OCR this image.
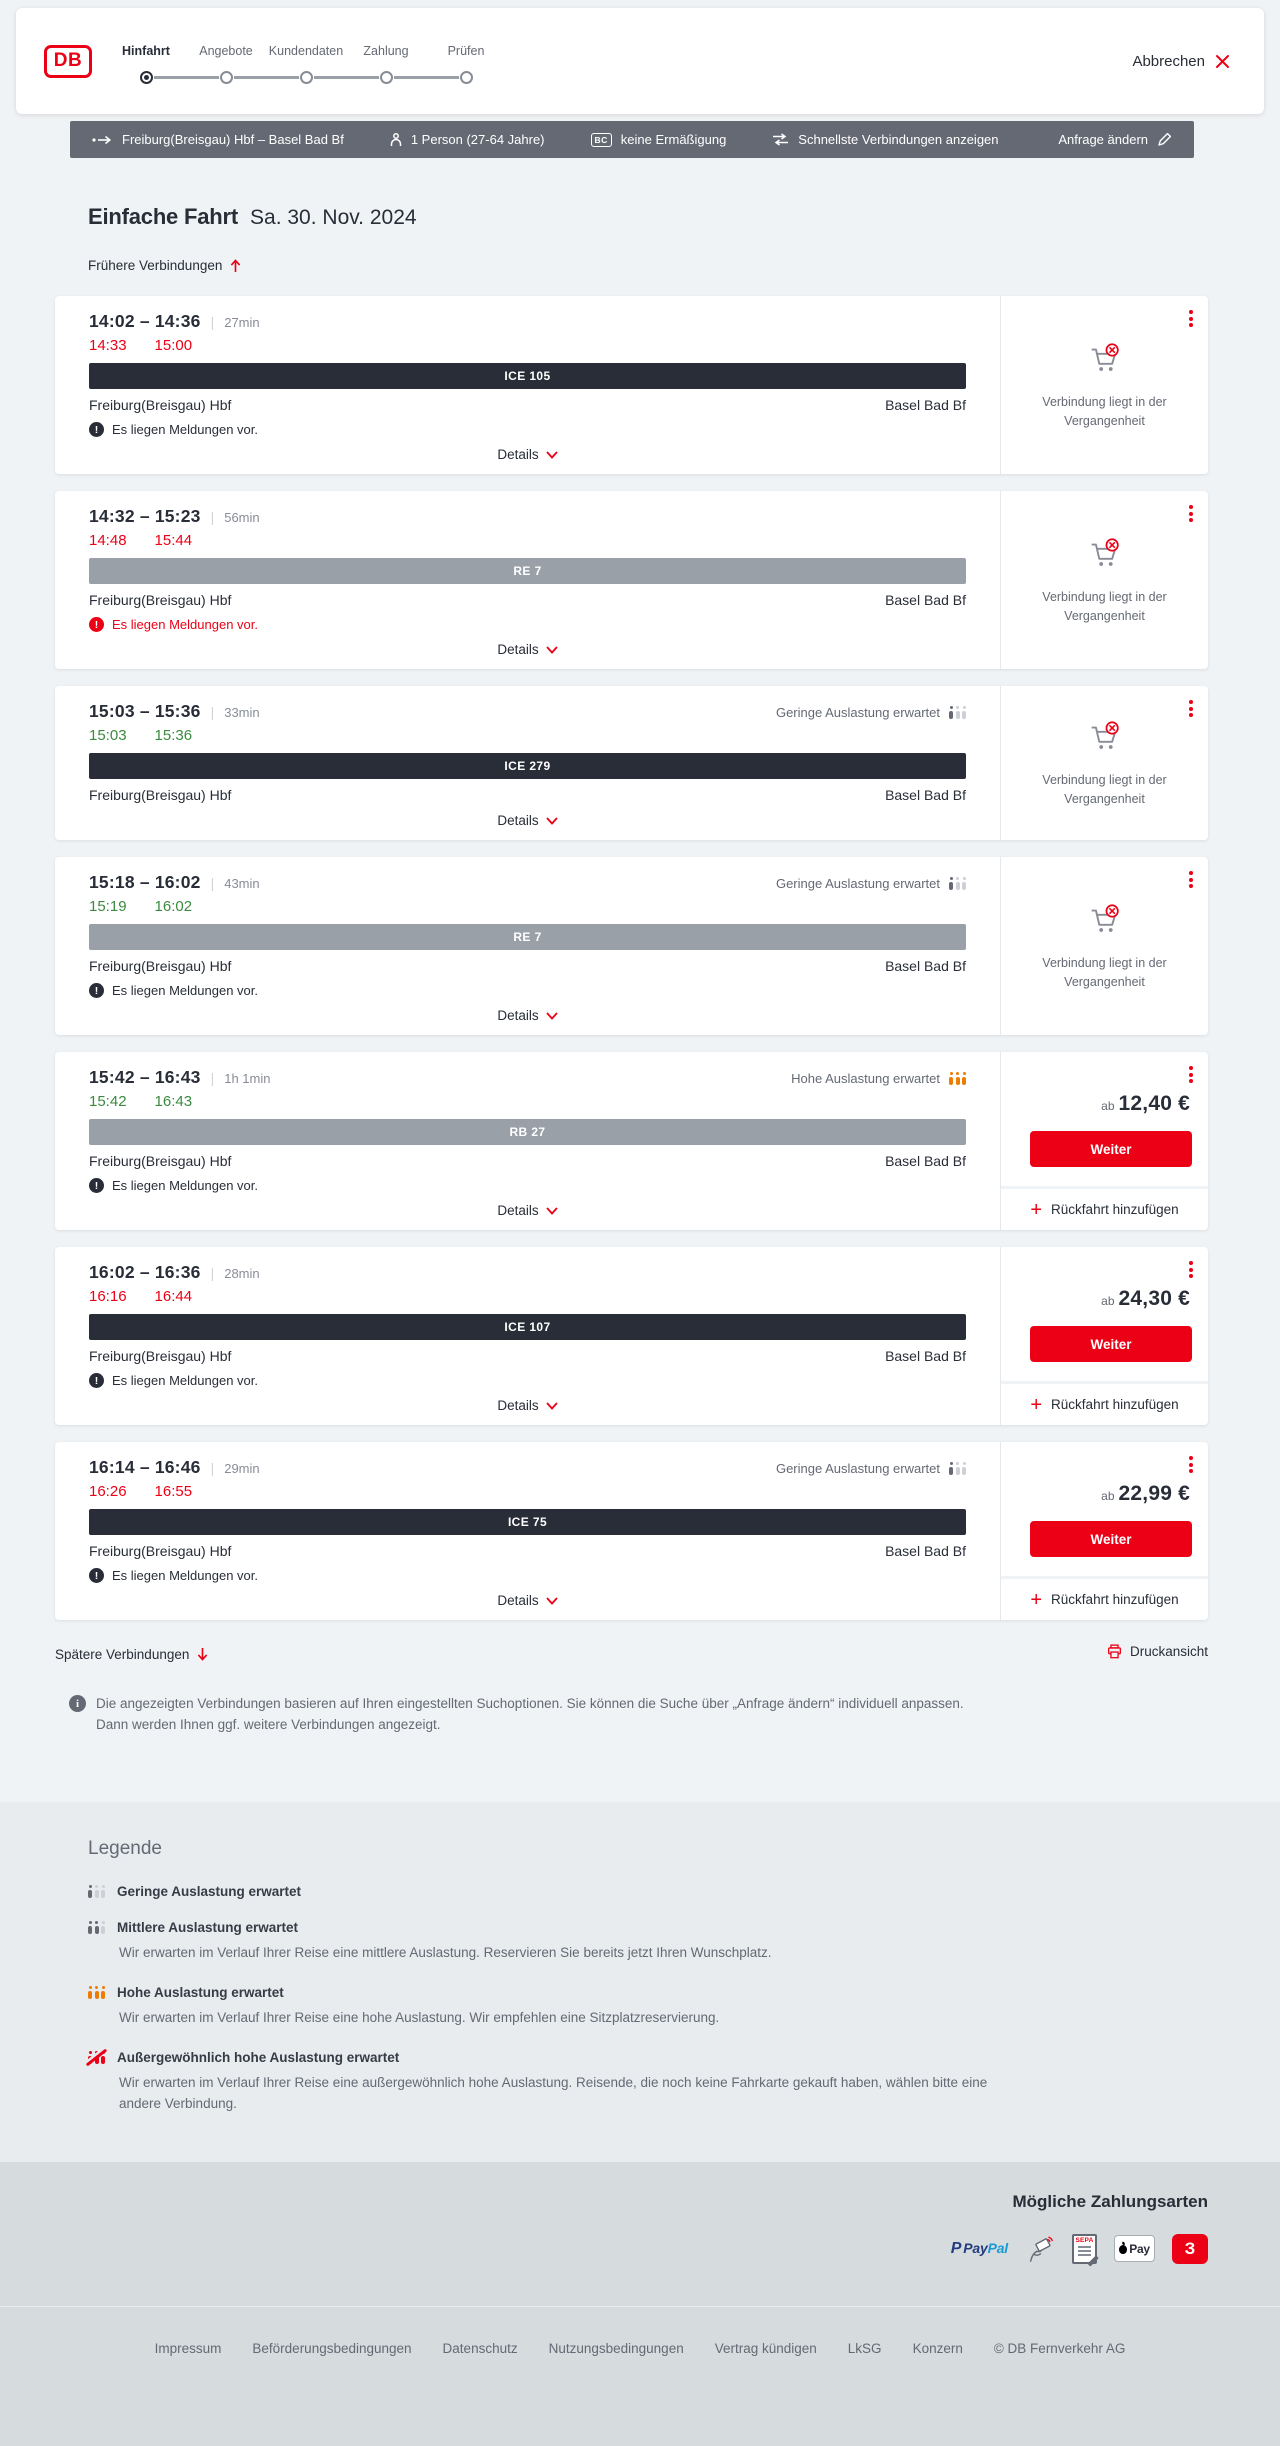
DB	Hinfahrt Angebote Kundendaten Zahlung	Prüfen
Abbrechen
Freiburg(Breisgau) Hbf – Basel Bad Bf	1 Person (27-64 Jahre)	BC	keine Ermäßigung	Schnellste Verbindungen anzeigen	Anfrage ändern
Einfache Fahrt Sa. 30. Nov. 2024
Frühere Verbindungen
14:02 – 14:36 | 27min
14:33 15:00
ICE 105
Freiburg(Breisgau) Hbf	Basel Bad Bf
!	Es liegen Meldungen vor.
Details

Verbindung liegt in der Vergangenheit

14:32 – 15:23 | 56min
14:48 15:44
RE 7
Freiburg(Breisgau) Hbf	Basel Bad Bf
!	Es liegen Meldungen vor.
Details

Verbindung liegt in der Vergangenheit

15:03 – 15:36 | 33min	Geringe Auslastung erwartet
15:03 15:36
ICE 279
Freiburg(Breisgau) Hbf	Basel Bad Bf
Details

Verbindung liegt in der Vergangenheit

15:18 – 16:02 | 43min	Geringe Auslastung erwartet
15:19 16:02
RE 7
Freiburg(Breisgau) Hbf	Basel Bad Bf
!	Es liegen Meldungen vor.
Details

Verbindung liegt in der Vergangenheit

15:42 – 16:43 | 1h 1min	Hohe Auslastung erwartet
15:42 16:43
RB 27
Freiburg(Breisgau) Hbf	Basel Bad Bf
!	Es liegen Meldungen vor.
Details
ab 12,40 €
Weiter
+ Rückfahrt hinzufügen
16:02 – 16:36 | 28min
16:16 16:44
ICE 107
Freiburg(Breisgau) Hbf	Basel Bad Bf
!	Es liegen Meldungen vor.
Details
ab 24,30 €
Weiter
+ Rückfahrt hinzufügen
16:14 – 16:46 | 29min	Geringe Auslastung erwartet
16:26 16:55
ICE 75
Freiburg(Breisgau) Hbf	Basel Bad Bf
!	Es liegen Meldungen vor.
Details
ab 22,99 €
Weiter
+ Rückfahrt hinzufügen
Spätere Verbindungen	Druckansicht
i	Die angezeigten Verbindungen basieren auf Ihren eingestellten Suchoptionen. Sie können die Suche über „Anfrage ändern“ individuell anpassen. Dann werden Ihnen ggf. weitere Verbindungen angezeigt.

Legende
Geringe Auslastung erwartet
Mittlere Auslastung erwartet

Wir erwarten im Verlauf Ihrer Reise eine mittlere Auslastung. Reservieren Sie bereits jetzt Ihren Wunschplatz.

Hohe Auslastung erwartet

Wir erwarten im Verlauf Ihrer Reise eine hohe Auslastung. Wir empfehlen eine Sitzplatzreservierung.

Außergewöhnlich hohe Auslastung erwartet

Wir erwarten im Verlauf Ihrer Reise eine außergewöhnlich hohe Auslastung. Reisende, die noch keine Fahrkarte gekauft haben, wählen bitte eine andere Verbindung.

Mögliche Zahlungsarten
P PayPal	SEPA
Pay	З
Impressum Beförderungsbedingungen Datenschutz Nutzungsbedingungen Vertrag kündigen LkSG Konzern © DB Fernverkehr AG
